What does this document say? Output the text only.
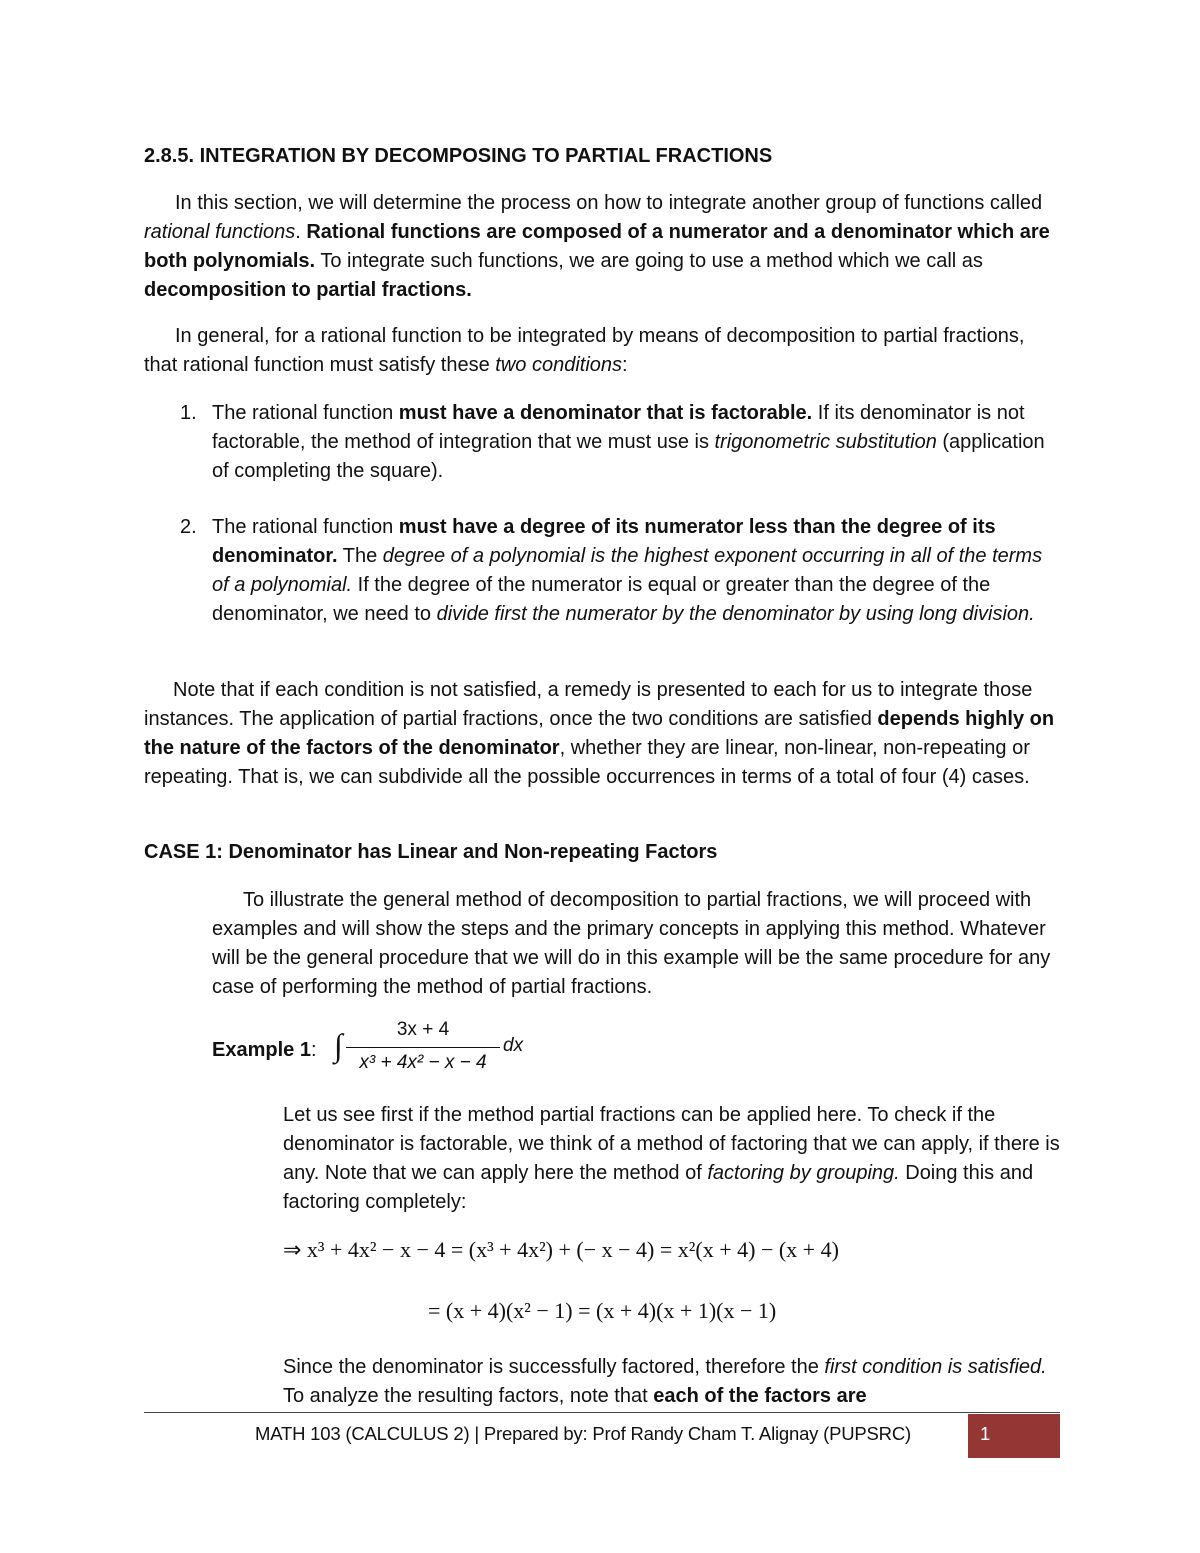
2.8.5. INTEGRATION BY DECOMPOSING TO PARTIAL FRACTIONS

In this section, we will determine the process on how to integrate another group of functions called rational functions. Rational functions are composed of a numerator and a denominator which are both polynomials. To integrate such functions, we are going to use a method which we call as decomposition to partial fractions.

In general, for a rational function to be integrated by means of decomposition to partial fractions, that rational function must satisfy these two conditions:

1. The rational function must have a denominator that is factorable. If its denominator is not factorable, the method of integration that we must use is trigonometric substitution (application of completing the square).

2. The rational function must have a degree of its numerator less than the degree of its denominator. The degree of a polynomial is the highest exponent occurring in all of the terms of a polynomial. If the degree of the numerator is equal or greater than the degree of the denominator, we need to divide first the numerator by the denominator by using long division.

Note that if each condition is not satisfied, a remedy is presented to each for us to integrate those instances. The application of partial fractions, once the two conditions are satisfied depends highly on the nature of the factors of the denominator, whether they are linear, non-linear, non-repeating or repeating. That is, we can subdivide all the possible occurrences in terms of a total of four (4) cases.

CASE 1: Denominator has Linear and Non-repeating Factors

To illustrate the general method of decomposition to partial fractions, we will proceed with examples and will show the steps and the primary concepts in applying this method. Whatever will be the general procedure that we will do in this example will be the same procedure for any case of performing the method of partial fractions.

Example 1: ∫	3x + 4
x³ + 4x² − x − 4
dx

Let us see first if the method partial fractions can be applied here. To check if the denominator is factorable, we think of a method of factoring that we can apply, if there is any. Note that we can apply here the method of factoring by grouping. Doing this and factoring completely:

⇒ x³ + 4x² − x − 4 = (x³ + 4x²) + (− x − 4) = x²(x + 4) − (x + 4)
= (x + 4)(x² − 1) = (x + 4)(x + 1)(x − 1)

Since the denominator is successfully factored, therefore the first condition is satisfied. To analyze the resulting factors, note that each of the factors are

MATH 103 (CALCULUS 2) | Prepared by: Prof Randy Cham T. Alignay (PUPSRC)	1
